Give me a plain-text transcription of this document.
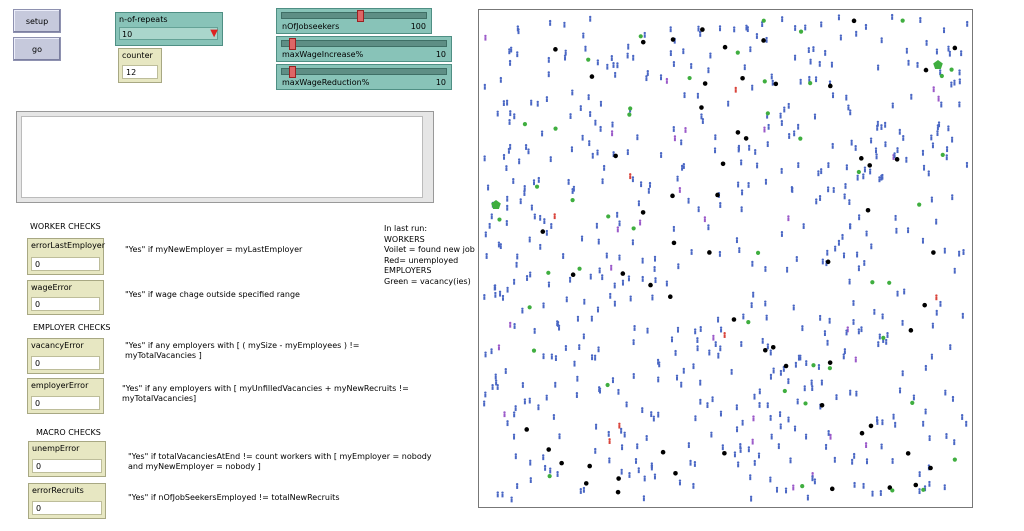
setup
go
n-of-repeats
10	▼
counter
12
nOfJobseekers	100
maxWageIncrease%	10
maxWageReduction%	10
WORKER CHECKS
EMPLOYER CHECKS
MACRO CHECKS
errorLastEmployer
0
"Yes" if myNewEmployer = myLastEmployer
wageError
0
"Yes" if wage chage outside specified range
vacancyError
0
"Yes" if any employers with [ ( mySize - myEmployees ) !=
myTotalVacancies ]
employerError
0
"Yes" if any employers with [ myUnfilledVacancies + myNewRecruits !=
myTotalVacancies]
unempError
0
"Yes" if totalVacanciesAtEnd != count workers with [ myEmployer = nobody
and myNewEmployer = nobody ]
errorRecruits
0
"Yes" if nOfJobSeekersEmployed != totalNewRecruits
In last run:
WORKERS
Voilet = found new job
Red= unemployed
EMPLOYERS
Green = vacancy(ies)
